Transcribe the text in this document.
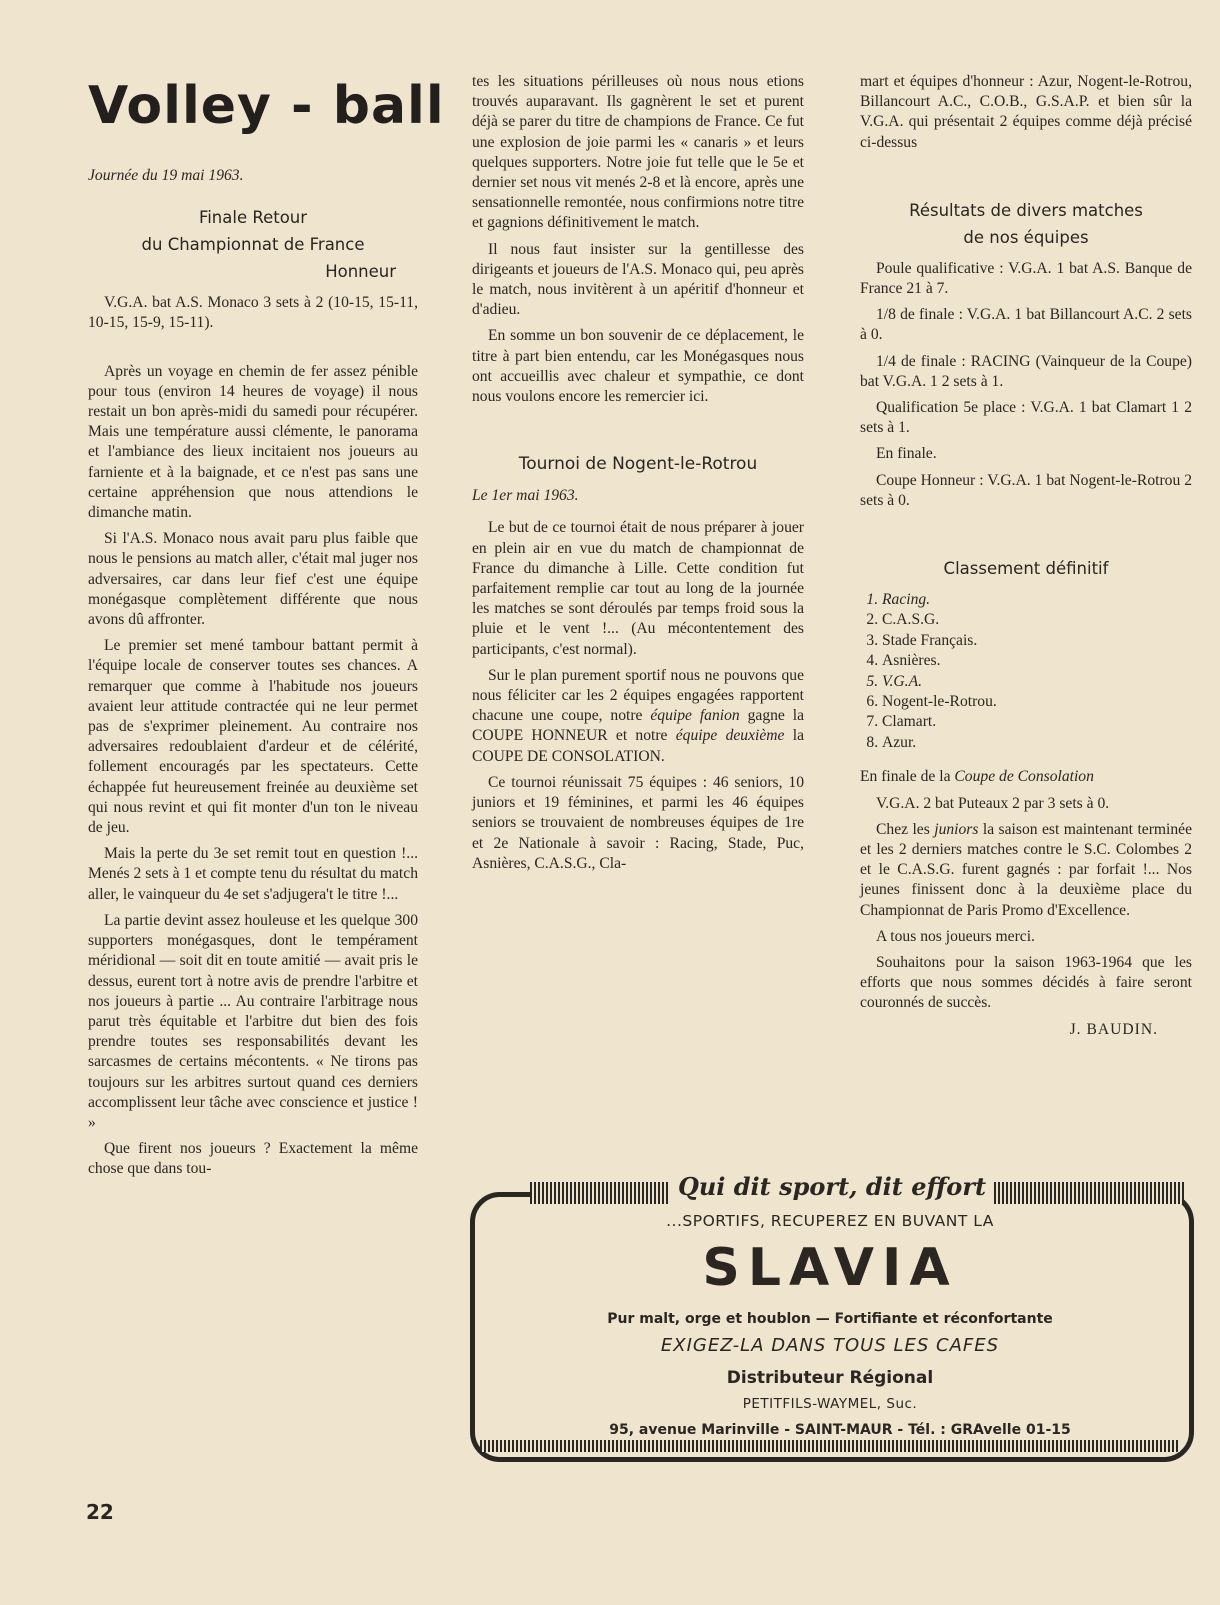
Volley - ball
Journée du 19 mai 1963.
Finale Retour
du Championnat de France
Honneur

V.G.A. bat A.S. Monaco 3 sets à 2 (10-15, 15-11, 10-15, 15-9, 15-11).

Après un voyage en chemin de fer assez pénible pour tous (environ 14 heures de voyage) il nous restait un bon après-midi du samedi pour récupérer. Mais une température aussi clémente, le panorama et l'ambiance des lieux incitaient nos joueurs au farniente et à la baignade, et ce n'est pas sans une certaine appréhension que nous attendions le dimanche matin.

Si l'A.S. Monaco nous avait paru plus faible que nous le pensions au match aller, c'était mal juger nos adversaires, car dans leur fief c'est une équipe monégasque complètement différente que nous avons dû affronter.

Le premier set mené tambour battant permit à l'équipe locale de conserver toutes ses chances. A remarquer que comme à l'habitude nos joueurs avaient leur attitude contractée qui ne leur permet pas de s'exprimer pleinement. Au contraire nos adversaires redoublaient d'ardeur et de célérité, follement encouragés par les spectateurs. Cette échappée fut heureusement freinée au deuxième set qui nous revint et qui fit monter d'un ton le niveau de jeu.

Mais la perte du 3e set remit tout en question !... Menés 2 sets à 1 et compte tenu du résultat du match aller, le vainqueur du 4e set s'adjugera't le titre !...

La partie devint assez houleuse et les quelque 300 supporters monégasques, dont le tempérament méridional — soit dit en toute amitié — avait pris le dessus, eurent tort à notre avis de prendre l'arbitre et nos joueurs à partie ... Au contraire l'arbitrage nous parut très équitable et l'arbitre dut bien des fois prendre toutes ses responsabilités devant les sarcasmes de certains mécontents. « Ne tirons pas toujours sur les arbitres surtout quand ces derniers accomplissent leur tâche avec conscience et justice ! »

Que firent nos joueurs ? Exactement la même chose que dans tou-

tes les situations périlleuses où nous nous etions trouvés auparavant. Ils gagnèrent le set et purent déjà se parer du titre de champions de France. Ce fut une explosion de joie parmi les « canaris » et leurs quelques supporters. Notre joie fut telle que le 5e et dernier set nous vit menés 2-8 et là encore, après une sensationnelle remontée, nous confirmions notre titre et gagnions définitivement le match.

Il nous faut insister sur la gentillesse des dirigeants et joueurs de l'A.S. Monaco qui, peu après le match, nous invitèrent à un apéritif d'honneur et d'adieu.

En somme un bon souvenir de ce déplacement, le titre à part bien entendu, car les Monégasques nous ont accueillis avec chaleur et sympathie, ce dont nous voulons encore les remercier ici.

Tournoi de Nogent-le-Rotrou
Le 1er mai 1963.

Le but de ce tournoi était de nous préparer à jouer en plein air en vue du match de championnat de France du dimanche à Lille. Cette condition fut parfaitement remplie car tout au long de la journée les matches se sont déroulés par temps froid sous la pluie et le vent !... (Au mécontentement des participants, c'est normal).

Sur le plan purement sportif nous ne pouvons que nous féliciter car les 2 équipes engagées rapportent chacune une coupe, notre équipe fanion gagne la COUPE HONNEUR et notre équipe deuxième la COUPE DE CONSOLATION.

Ce tournoi réunissait 75 équipes : 46 seniors, 10 juniors et 19 féminines, et parmi les 46 équipes seniors se trouvaient de nombreuses équipes de 1re et 2e Nationale à savoir : Racing, Stade, Puc, Asnières, C.A.S.G., Cla-

mart et équipes d'honneur : Azur, Nogent-le-Rotrou, Billancourt A.C., C.O.B., G.S.A.P. et bien sûr la V.G.A. qui présentait 2 équipes comme déjà précisé ci-dessus

Résultats de divers matches
de nos équipes

Poule qualificative : V.G.A. 1 bat A.S. Banque de France 21 à 7.

1/8 de finale : V.G.A. 1 bat Billancourt A.C. 2 sets à 0.

1/4 de finale : RACING (Vainqueur de la Coupe) bat V.G.A. 1 2 sets à 1.

Qualification 5e place : V.G.A. 1 bat Clamart 1 2 sets à 1.

En finale.

Coupe Honneur : V.G.A. 1 bat Nogent-le-Rotrou 2 sets à 0.

Classement définitif
1. Racing.
2. C.A.S.G.
3. Stade Français.
4. Asnières.
5. V.G.A.
6. Nogent-le-Rotrou.
7. Clamart.
8. Azur.

En finale de la Coupe de Consolation

V.G.A. 2 bat Puteaux 2 par 3 sets à 0.

Chez les juniors la saison est maintenant terminée et les 2 derniers matches contre le S.C. Colombes 2 et le C.A.S.G. furent gagnés : par forfait !... Nos jeunes finissent donc à la deuxième place du Championnat de Paris Promo d'Excellence.

A tous nos joueurs merci.

Souhaitons pour la saison 1963-1964 que les efforts que nous sommes décidés à faire seront couronnés de succès.

J. BAUDIN.
Qui dit sport, dit effort
...SPORTIFS, RECUPEREZ EN BUVANT LA
SLAVIA
Pur malt, orge et houblon — Fortifiante et réconfortante
EXIGEZ-LA DANS TOUS LES CAFES
Distributeur Régional
PETITFILS-WAYMEL, Suc.
95, avenue Marinville - SAINT-MAUR - Tél. : GRAvelle 01-15
22
